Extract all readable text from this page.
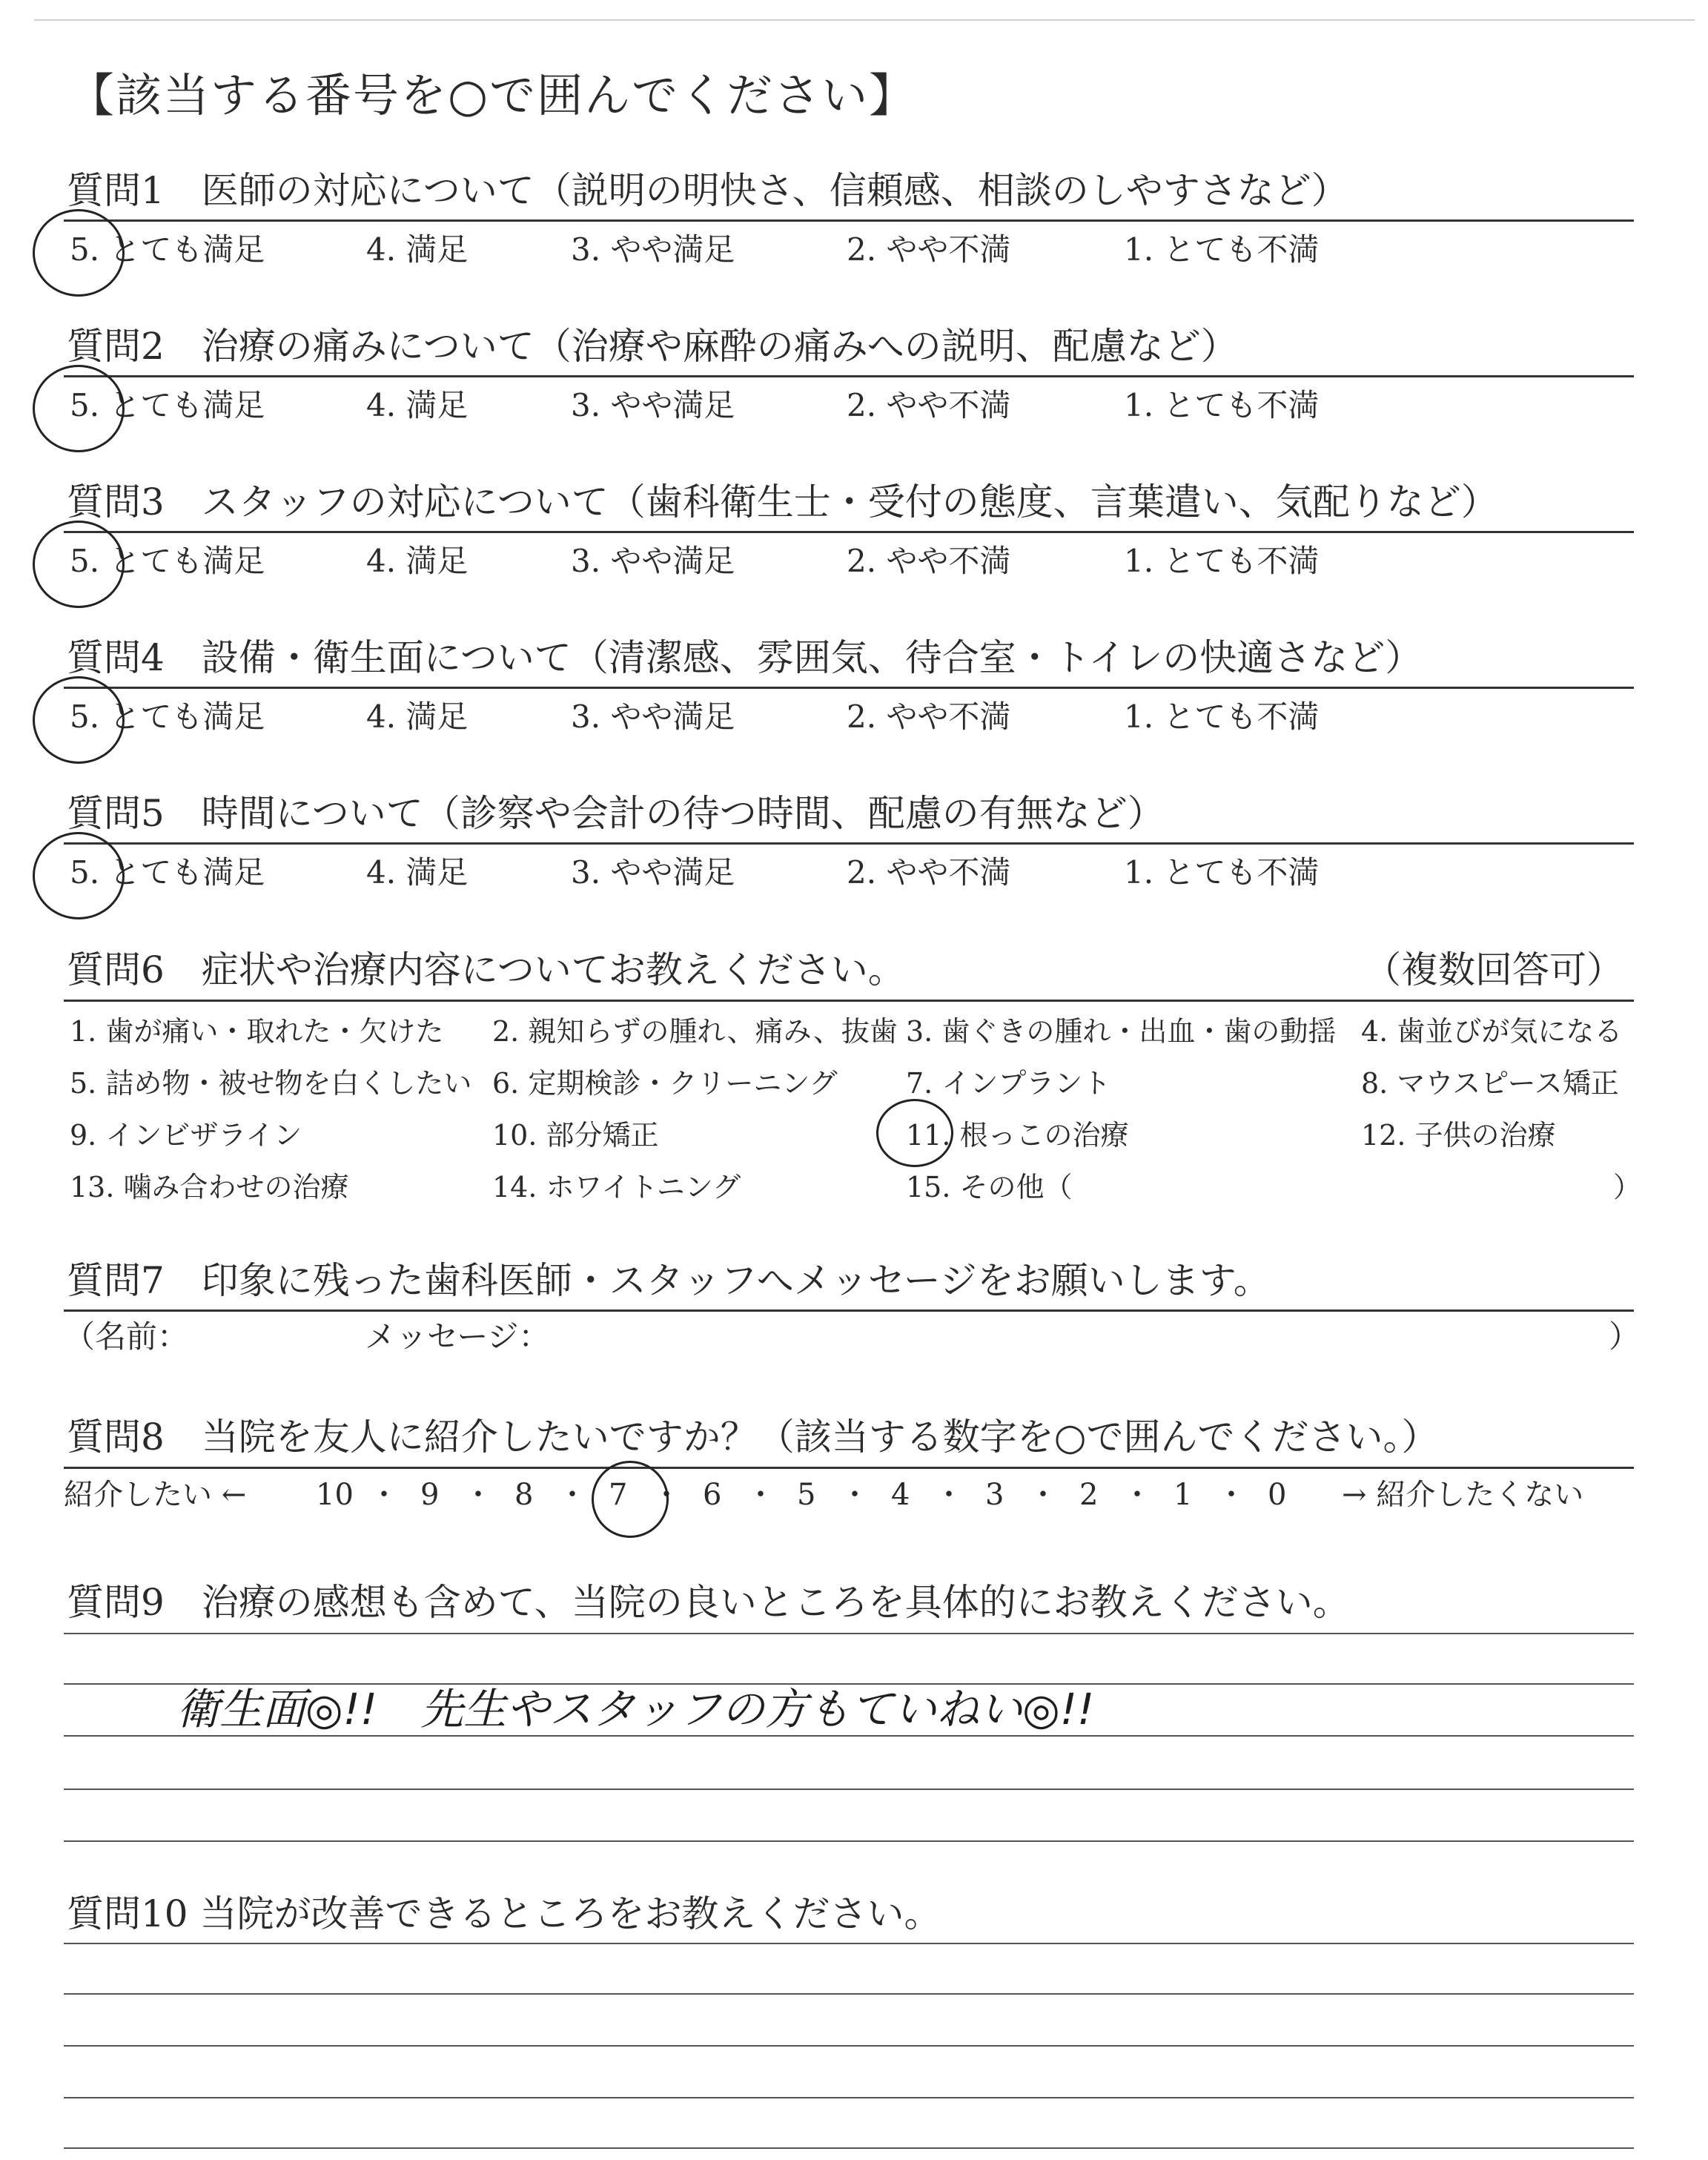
【該当する番号を○で囲んでください】
質問1　医師の対応について（説明の明快さ、信頼感、相談のしやすさなど）
5. とても満足	4. 満足	3. やや満足	2. やや不満	1. とても不満
質問2　治療の痛みについて（治療や麻酔の痛みへの説明、配慮など）
5. とても満足	4. 満足	3. やや満足	2. やや不満	1. とても不満
質問3　スタッフの対応について（歯科衛生士・受付の態度、言葉遣い、気配りなど）
5. とても満足	4. 満足	3. やや満足	2. やや不満	1. とても不満
質問4　設備・衛生面について（清潔感、雰囲気、待合室・トイレの快適さなど）
5. とても満足	4. 満足	3. やや満足	2. やや不満	1. とても不満
質問5　時間について（診察や会計の待つ時間、配慮の有無など）
5. とても満足	4. 満足	3. やや満足	2. やや不満	1. とても不満
質問6　症状や治療内容についてお教えください。	（複数回答可）
1. 歯が痛い・取れた・欠けた 2. 親知らずの腫れ、痛み、抜歯 3. 歯ぐきの腫れ・出血・歯の動揺 4. 歯並びが気になる
5. 詰め物・被せ物を白くしたい 6. 定期検診・クリーニング 7. インプラント	8. マウスピース矯正
9. インビザライン	10. 部分矯正	11. 根っこの治療	12. 子供の治療
13. 噛み合わせの治療	14. ホワイトニング	15. その他（	）
質問7　印象に残った歯科医師・スタッフへメッセージをお願いします。
（名前：	メッセージ：	）
質問8　当院を友人に紹介したいですか？（該当する数字を○で囲んでください。）
紹介したい ← 10 ・ 9 ・ 8 ・ 7 ・ 6 ・ 5 ・ 4 ・ 3 ・ 2 ・ 1 ・ 0 → 紹介したくない
質問9　治療の感想も含めて、当院の良いところを具体的にお教えください。
衛生面◎!!　先生やスタッフの方もていねい◎!!
質問10 当院が改善できるところをお教えください。
